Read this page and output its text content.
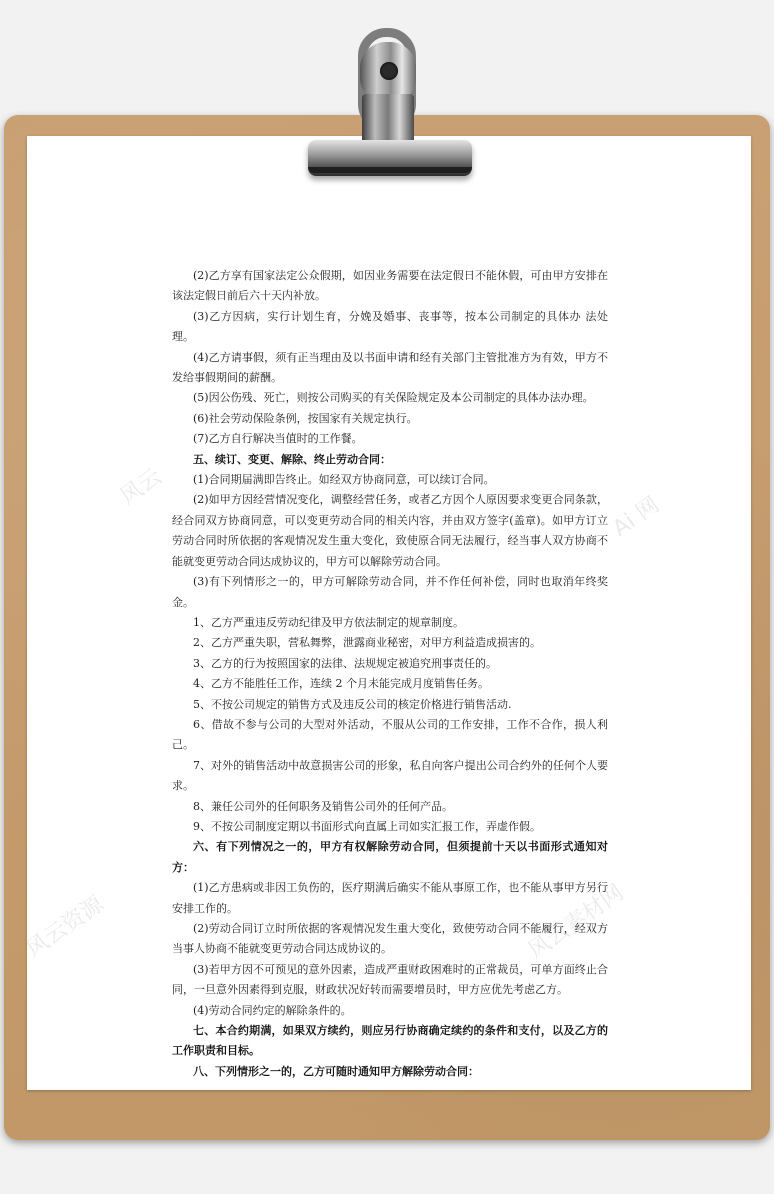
风云
Ai 网
风云资源	风云素材网

(2)乙方享有国家法定公众假期，如因业务需要在法定假日不能休假，可由甲方安排在该法定假日前后六十天内补放。

(3)乙方因病，实行计划生育，分娩及婚事、丧事等，按本公司制定的具体办 法处理。

(4)乙方请事假，须有正当理由及以书面申请和经有关部门主管批准方为有效，甲方不发给事假期间的薪酬。

(5)因公伤残、死亡，则按公司购买的有关保险规定及本公司制定的具体办法办理。

(6)社会劳动保险条例，按国家有关规定执行。

(7)乙方自行解决当值时的工作餐。

五、续订、变更、解除、终止劳动合同：

(1)合同期届满即告终止。如经双方协商同意，可以续订合同。

(2)如甲方因经营情况变化，调整经营任务，或者乙方因个人原因要求变更合同条款，经合同双方协商同意，可以变更劳动合同的相关内容，并由双方签字(盖章)。如甲方订立劳动合同时所依据的客观情况发生重大变化，致使原合同无法履行，经当事人双方协商不能就变更劳动合同达成协议的，甲方可以解除劳动合同。

(3)有下列情形之一的，甲方可解除劳动合同，并不作任何补偿，同时也取消年终奖金。

1、乙方严重违反劳动纪律及甲方依法制定的规章制度。

2、乙方严重失职，营私舞弊，泄露商业秘密，对甲方利益造成损害的。

3、乙方的行为按照国家的法律、法规规定被追究刑事责任的。

4、乙方不能胜任工作，连续 2 个月未能完成月度销售任务。

5、不按公司规定的销售方式及违反公司的核定价格进行销售活动.

6、借故不参与公司的大型对外活动，不服从公司的工作安排，工作不合作，损人利己。

7、对外的销售活动中故意损害公司的形象，私自向客户提出公司合约外的任何个人要求。

8、兼任公司外的任何职务及销售公司外的任何产品。

9、不按公司制度定期以书面形式向直属上司如实汇报工作，弄虚作假。

六、有下列情况之一的，甲方有权解除劳动合同，但须提前十天以书面形式通知对方：

(1)乙方患病或非因工负伤的，医疗期满后确实不能从事原工作，也不能从事甲方另行安排工作的。

(2)劳动合同订立时所依据的客观情况发生重大变化，致使劳动合同不能履行，经双方当事人协商不能就变更劳动合同达成协议的。

(3)若甲方因不可预见的意外因素，造成严重财政困难时的正常裁员，可单方面终止合同，一旦意外因素得到克服，财政状况好转而需要增员时，甲方应优先考虑乙方。

(4)劳动合同约定的解除条件的。

七、本合约期满，如果双方续约，则应另行协商确定续约的条件和支付，以及乙方的工作职责和目标。

八、下列情形之一的，乙方可随时通知甲方解除劳动合同：
